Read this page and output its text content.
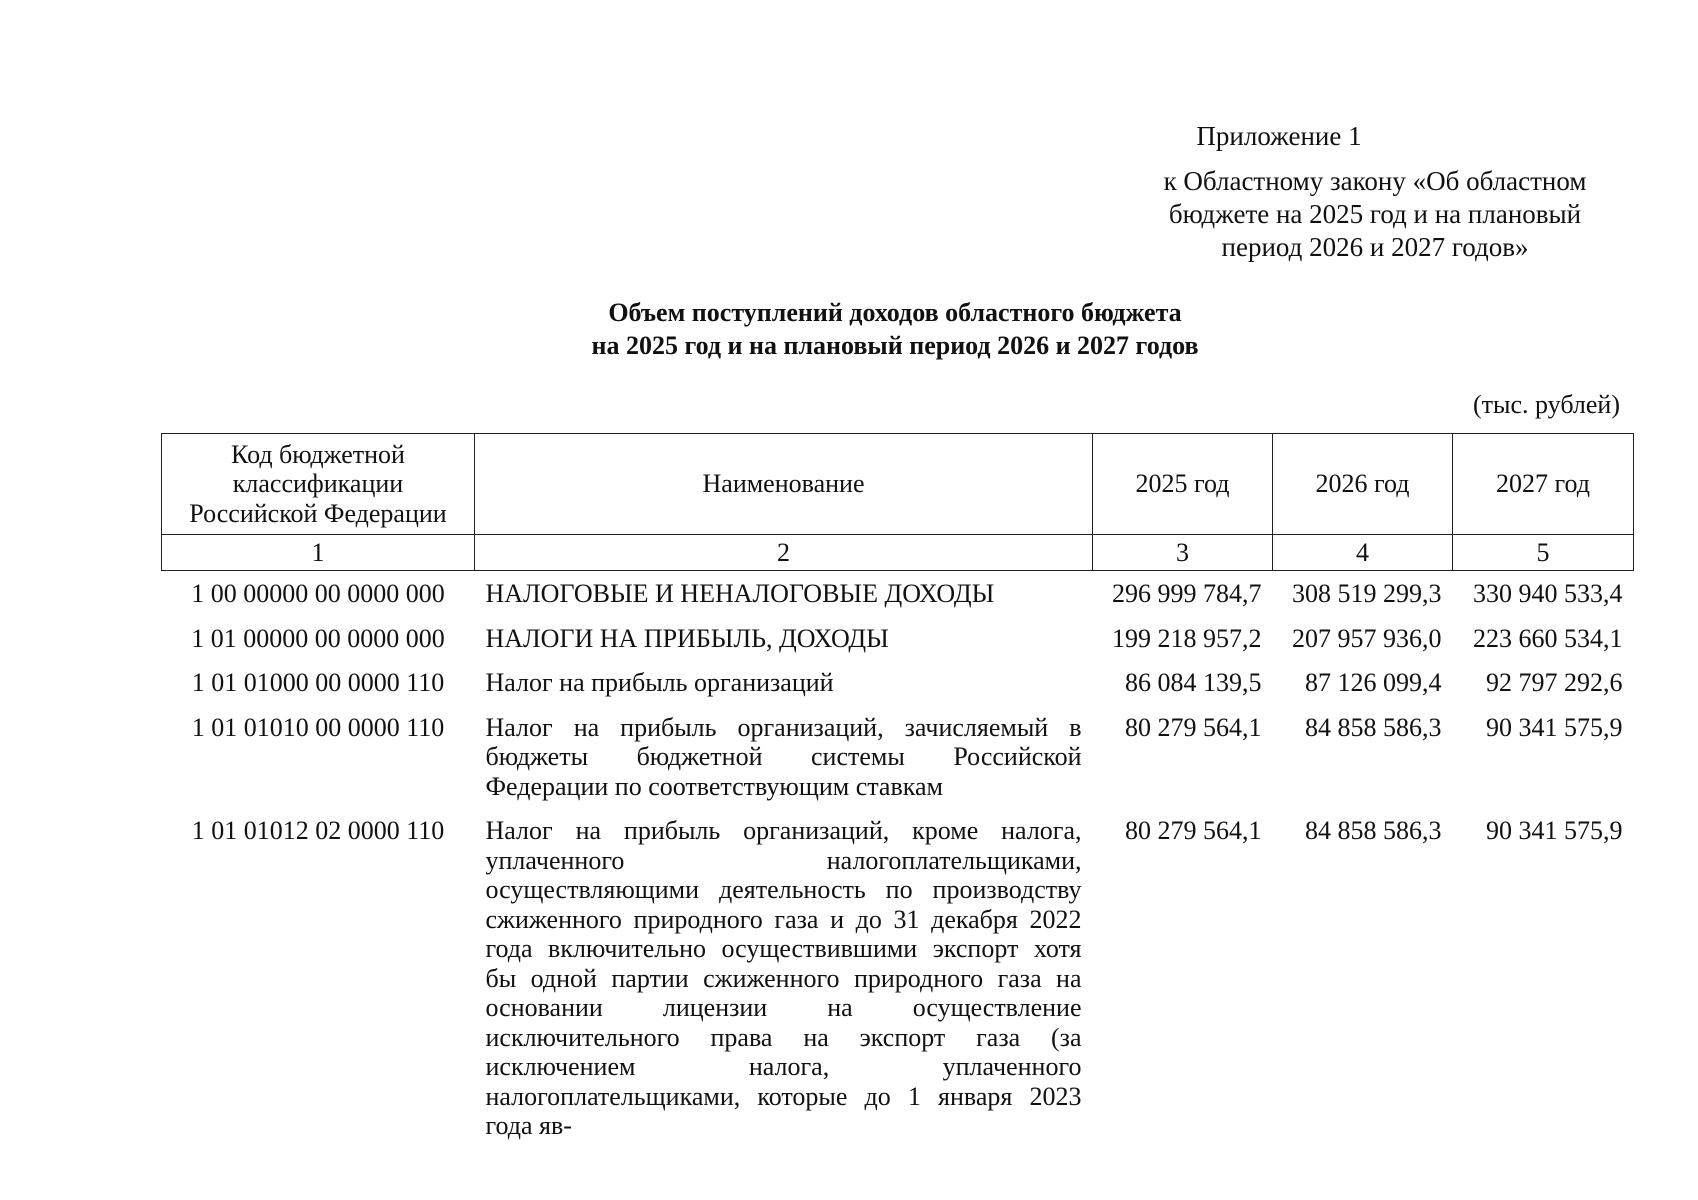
Приложение 1
к Областному закону «Об областном
бюджете на 2025 год и на плановый
период 2026 и 2027 годов»
Объем поступлений доходов областного бюджета
на 2025 год и на плановый период 2026 и 2027 годов
(тыс. рублей)
Код бюджетной классификации Российской Федерации	Наименование	2025 год	2026 год	2027 год
1	2	3	4	5
1 00 00000 00 0000 000	НАЛОГОВЫЕ И НЕНАЛОГОВЫЕ ДОХОДЫ	296 999 784,7	308 519 299,3	330 940 533,4
1 01 00000 00 0000 000	НАЛОГИ НА ПРИБЫЛЬ, ДОХОДЫ	199 218 957,2	207 957 936,0	223 660 534,1
1 01 01000 00 0000 110	Налог на прибыль организаций	86 084 139,5	87 126 099,4	92 797 292,6
1 01 01010 00 0000 110	Налог на прибыль организаций, зачисляемый в бюджеты бюджетной системы Российской Федерации по соответствующим ставкам	80 279 564,1	84 858 586,3	90 341 575,9
1 01 01012 02 0000 110	Налог на прибыль организаций, кроме налога, уплаченного налогоплательщиками, осуществляющими деятельность по производству сжиженного природного газа и до 31 декабря 2022 года включительно осуществившими экспорт хотя бы одной партии сжиженного природного газа на основании лицензии на осуществление исключительного права на экспорт газа (за исключением налога, уплаченного налогоплательщиками, которые до 1 января 2023 года яв-	80 279 564,1	84 858 586,3	90 341 575,9
